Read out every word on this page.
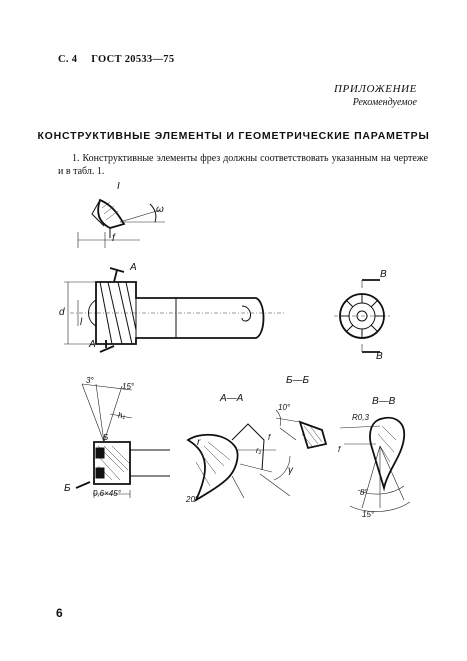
С. 4 ГОСТ 20533—75
ПРИЛОЖЕНИЕ
Рекомендуемое
КОНСТРУКТИВНЫЕ ЭЛЕМЕНТЫ И ГЕОМЕТРИЧЕСКИЕ ПАРАМЕТРЫ
1. Конструктивные элементы фрез должны соответствовать указанным на чертеже и в табл. 1.
6
I
ω
f
A
A
d
l
В
В
3°
15°
h₁
Б
Б	0,6×45°
А—А
Б—Б
В—В
r	f
r₁
γ
20°
10°
R0,3
f
8°
15°
